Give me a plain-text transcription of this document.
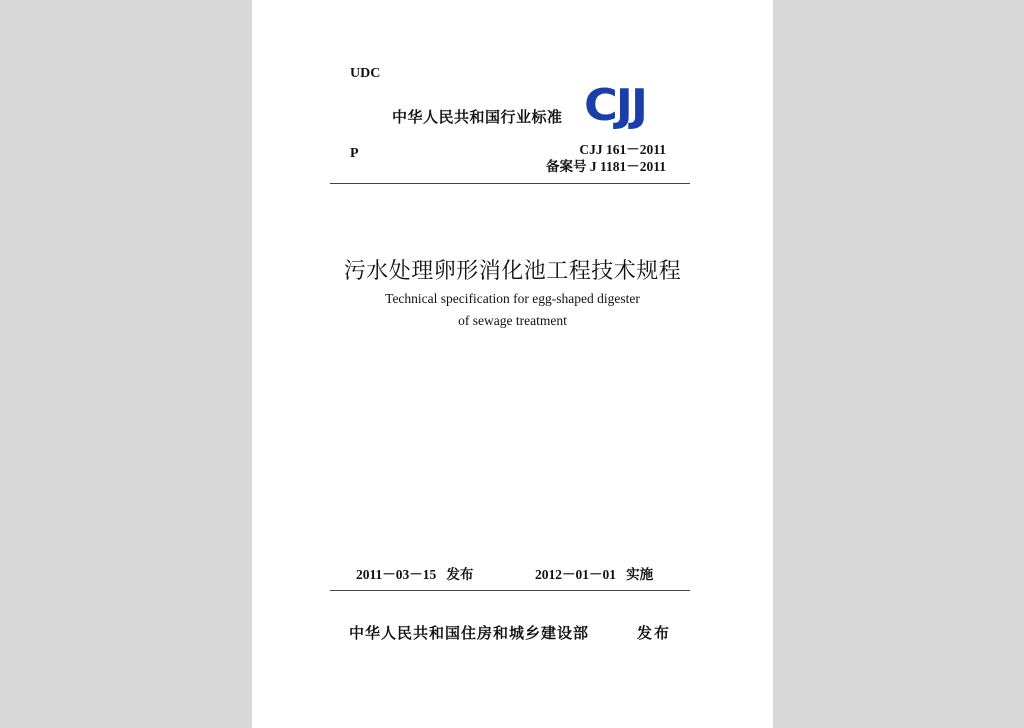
UDC
中华人民共和国行业标准 CJJ
P	CJJ 161－2011
备案号 J 1181－2011
污水处理卵形消化池工程技术规程
Technical specification for egg-shaped digester
of sewage treatment
2011－03－15   发布	2012－01－01   实施
中华人民共和国住房和城乡建设部	发布
